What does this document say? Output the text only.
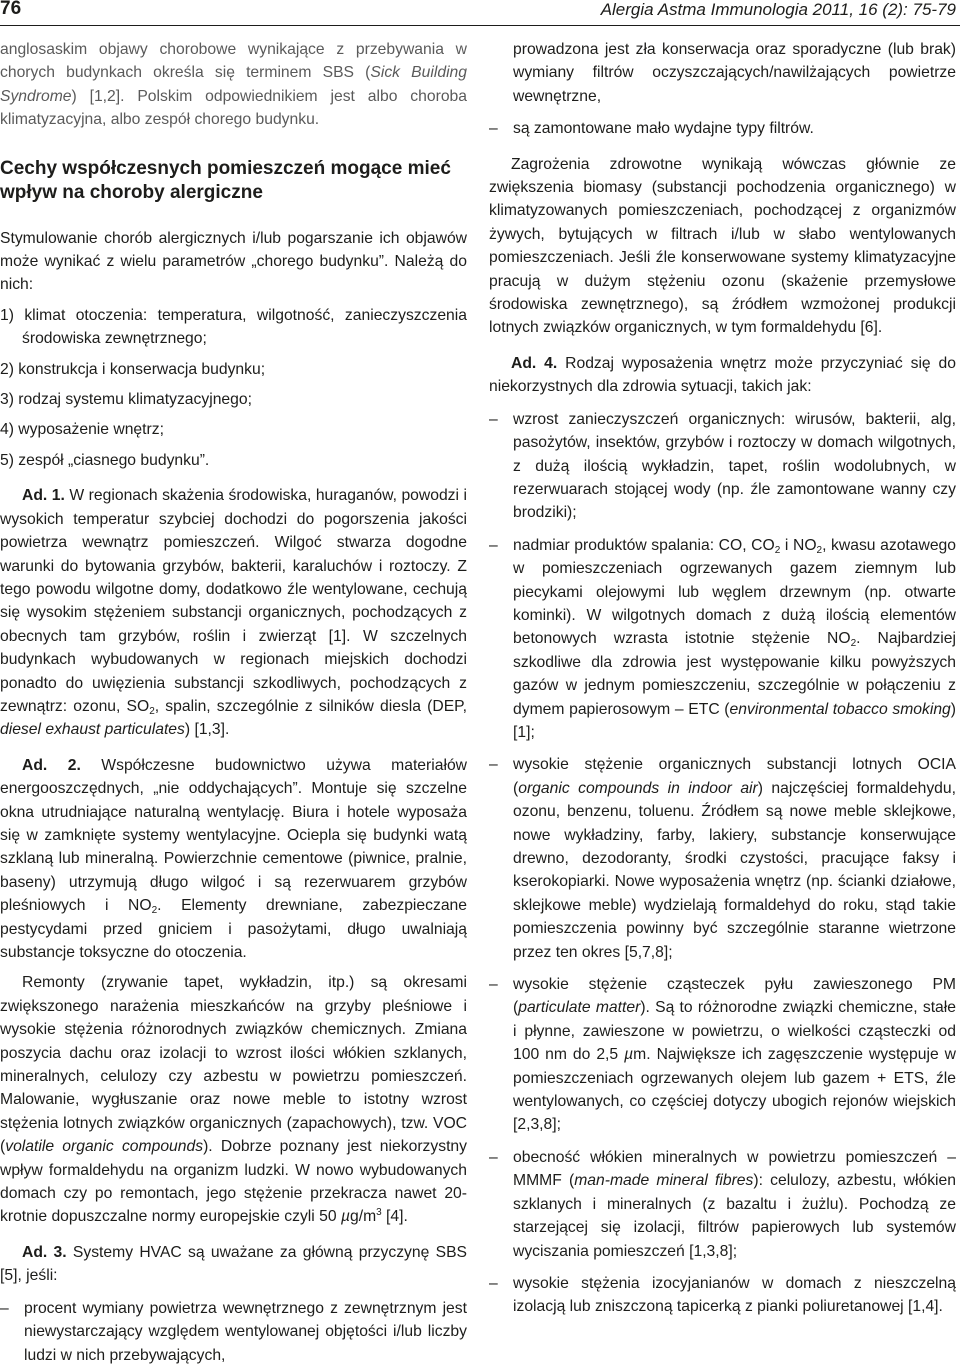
76	Alergia Astma Immunologia 2011, 16 (2): 75-79

anglosaskim objawy chorobowe wynikające z przebywania w chorych budynkach określa się terminem SBS (Sick Building Syndrome) [1,2]. Polskim odpowiednikiem jest albo choroba klimatyzacyjna, albo zespół chorego budynku.

Cechy współczesnych pomieszczeń mogące mieć wpływ na choroby alergiczne

Stymulowanie chorób alergicznych i/lub pogarszanie ich objawów może wynikać z wielu parametrów „chorego budynku”. Należą do nich:

1) klimat otoczenia: temperatura, wilgotność, zanieczyszczenia środowiska zewnętrznego;

2) konstrukcja i konserwacja budynku;

3) rodzaj systemu klimatyzacyjnego;

4) wyposażenie wnętrz;

5) zespół „ciasnego budynku”.

Ad. 1. W regionach skażenia środowiska, huraganów, powodzi i wysokich temperatur szybciej dochodzi do pogorszenia jakości powietrza wewnątrz pomieszczeń. Wilgoć stwarza dogodne warunki do bytowania grzybów, bakterii, karaluchów i roztoczy. Z tego powodu wilgotne domy, dodatkowo źle wentylowane, cechują się wysokim stężeniem substancji organicznych, pochodzących z obecnych tam grzybów, roślin i zwierząt [1]. W szczelnych budynkach wybudowanych w regionach miejskich dochodzi ponadto do uwięzienia substancji szkodliwych, pochodzących z zewnątrz: ozonu, $SO_2$, spalin, szczególnie z silników diesla (DEP, diesel exhaust particulates) [1,3].

Ad. 2. Współczesne budownictwo używa materiałów energooszczędnych, „nie oddychających”. Montuje się szczelne okna utrudniające naturalną wentylację. Biura i hotele wyposaża się w zamknięte systemy wentylacyjne. Ociepla się budynki watą szklaną lub mineralną. Powierzchnie cementowe (piwnice, pralnie, baseny) utrzymują długo wilgoć i są rezerwuarem grzybów pleśniowych i $NO_2$. Elementy drewniane, zabezpieczane pestycydami przed gniciem i pasożytami, długo uwalniają substancje toksyczne do otoczenia.

Remonty (zrywanie tapet, wykładzin, itp.) są okresami zwiększonego narażenia mieszkańców na grzyby pleśniowe i wysokie stężenia różnorodnych związków chemicznych. Zmiana poszycia dachu oraz izolacji to wzrost ilości włókien szklanych, mineralnych, celulozy czy azbestu w powietrzu pomieszczeń. Malowanie, wygłuszanie oraz nowe meble to istotny wzrost stężenia lotnych związków organicznych (zapachowych), tzw. VOC (volatile organic compounds). Dobrze poznany jest niekorzystny wpływ formaldehydu na organizm ludzki. W nowo wybudowanych domach czy po remontach, jego stężenie przekracza nawet 20-krotnie dopuszczalne normy europejskie czyli 50 $\mu g/m^3$ [4].

Ad. 3. Systemy HVAC są uważane za główną przyczynę SBS [5], jeśli:

– procent wymiany powietrza wewnętrznego z zewnętrznym jest niewystarczający względem wentylowanej objętości i/lub liczby ludzi w nich przebywających,
prowadzona jest zła konserwacja oraz sporadyczne (lub brak) wymiany filtrów oczyszczających/nawilżających powietrze wewnętrzne,
– są zamontowane mało wydajne typy filtrów.

Zagrożenia zdrowotne wynikają wówczas głównie ze zwiększenia biomasy (substancji pochodzenia organicznego) w klimatyzowanych pomieszczeniach, pochodzącej z organizmów żywych, bytujących w filtrach i/lub w słabo wentylowanych pomieszczeniach. Jeśli źle konserwowane systemy klimatyzacyjne pracują w dużym stężeniu ozonu (skażenie przemysłowe środowiska zewnętrznego), są źródłem wzmożonej produkcji lotnych związków organicznych, w tym formaldehydu [6].

Ad. 4. Rodzaj wyposażenia wnętrz może przyczyniać się do niekorzystnych dla zdrowia sytuacji, takich jak:

– wzrost zanieczyszczeń organicznych: wirusów, bakterii, alg, pasożytów, insektów, grzybów i roztoczy w domach wilgotnych, z dużą ilością wykładzin, tapet, roślin wodolubnych, w rezerwuarach stojącej wody (np. źle zamontowane wanny czy brodziki);
– nadmiar produktów spalania: CO, $CO_2$ i $NO_2$, kwasu azotawego w pomieszczeniach ogrzewanych gazem ziemnym lub piecykami olejowymi lub węglem drzewnym (np. otwarte kominki). W wilgotnych domach z dużą ilością elementów betonowych wzrasta istotnie stężenie $NO_2$. Najbardziej szkodliwe dla zdrowia jest występowanie kilku powyższych gazów w jednym pomieszczeniu, szczególnie w połączeniu z dymem papierosowym – ETC (environmental tobacco smoking) [1];
– wysokie stężenie organicznych substancji lotnych OCIA (organic compounds in indoor air) najczęściej formaldehydu, ozonu, benzenu, toluenu. Źródłem są nowe meble sklejkowe, nowe wykładziny, farby, lakiery, substancje konserwujące drewno, dezodoranty, środki czystości, pracujące faksy i kserokopiarki. Nowe wyposażenia wnętrz (np. ścianki działowe, sklejkowe meble) wydzielają formaldehyd do roku, stąd takie pomieszczenia powinny być szczególnie staranne wietrzone przez ten okres [5,7,8];
– wysokie stężenie cząsteczek pyłu zawieszonego PM (particulate matter). Są to różnorodne związki chemiczne, stałe i płynne, zawieszone w powietrzu, o wielkości cząsteczki od 100 nm do 2,5 µm. Największe ich zagęszczenie występuje w pomieszczeniach ogrzewanych olejem lub gazem + ETS, źle wentylowanych, co częściej dotyczy ubogich rejonów wiejskich [2,3,8];
– obecność włókien mineralnych w powietrzu pomieszczeń – MMMF (man-made mineral fibres): celulozy, azbestu, włókien szklanych i mineralnych (z bazaltu i żużlu). Pochodzą ze starzejącej się izolacji, filtrów papierowych lub systemów wyciszania pomieszczeń [1,3,8];
– wysokie stężenia izocyjanianów w domach z nieszczelną izolacją lub zniszczoną tapicerką z pianki poliuretanowej [1,4].
